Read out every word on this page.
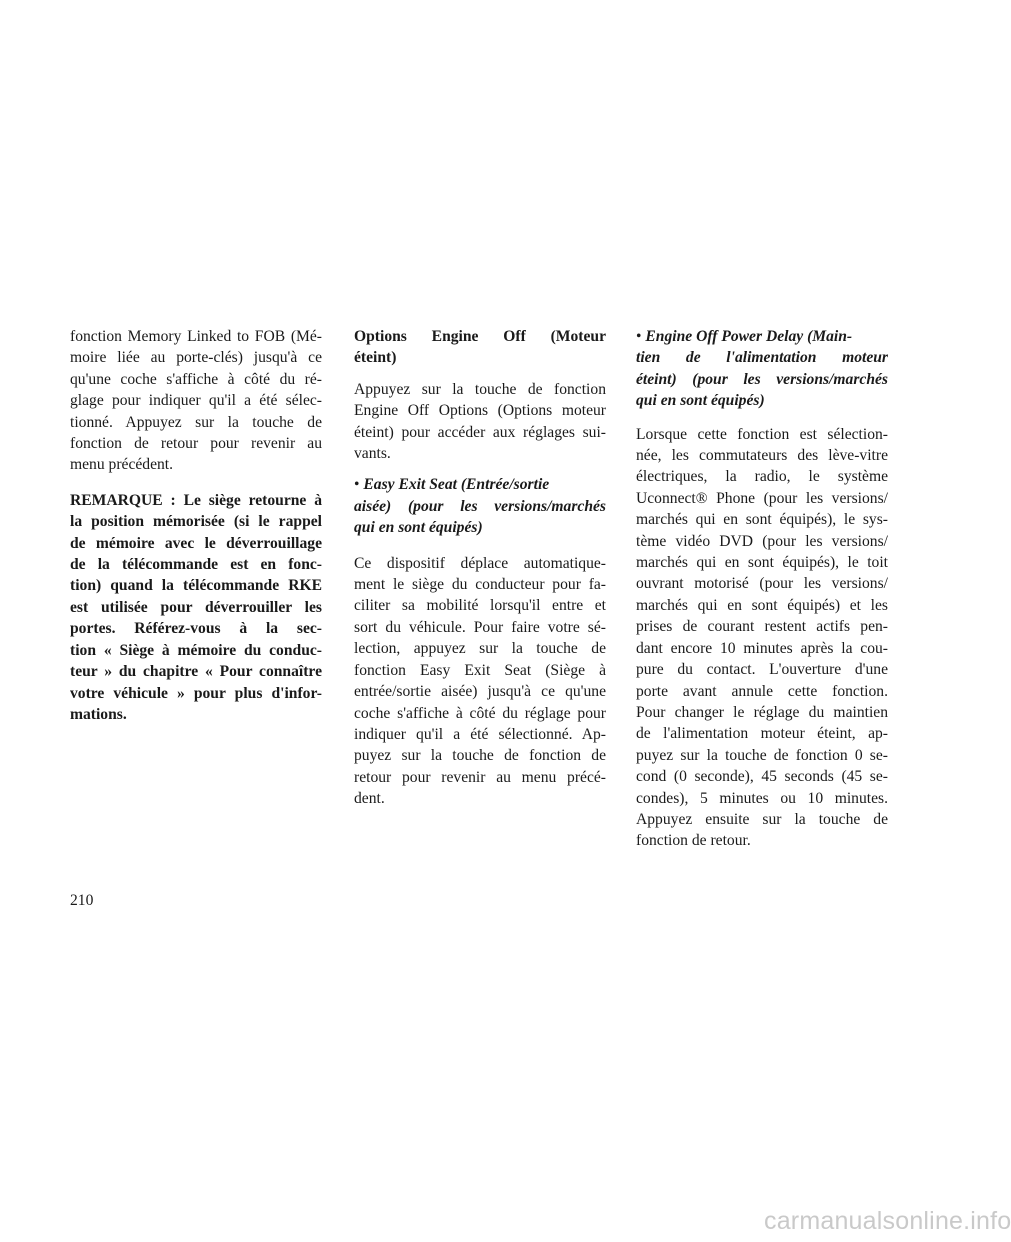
fonction Memory Linked to FOB (Mé-
moire liée au porte-clés) jusqu'à ce
qu'une coche s'affiche à côté du ré-
glage pour indiquer qu'il a été sélec-
tionné. Appuyez sur la touche de
fonction de retour pour revenir au
menu précédent.
REMARQUE : Le siège retourne à
la position mémorisée (si le rappel
de mémoire avec le déverrouillage
de la télécommande est en fonc-
tion) quand la télécommande RKE
est utilisée pour déverrouiller les
portes. Référez-vous à la sec-
tion « Siège à mémoire du conduc-
teur » du chapitre « Pour connaître
votre véhicule » pour plus d'infor-
mations.
Options Engine Off (Moteur
éteint)
Appuyez sur la touche de fonction
Engine Off Options (Options moteur
éteint) pour accéder aux réglages sui-
vants.
• Easy Exit Seat (Entrée/sortie
aisée) (pour les versions/marchés
qui en sont équipés)
Ce dispositif déplace automatique-
ment le siège du conducteur pour fa-
ciliter sa mobilité lorsqu'il entre et
sort du véhicule. Pour faire votre sé-
lection, appuyez sur la touche de
fonction Easy Exit Seat (Siège à
entrée/sortie aisée) jusqu'à ce qu'une
coche s'affiche à côté du réglage pour
indiquer qu'il a été sélectionné. Ap-
puyez sur la touche de fonction de
retour pour revenir au menu précé-
dent.
• Engine Off Power Delay (Main-
tien de l'alimentation moteur
éteint) (pour les versions/marchés
qui en sont équipés)
Lorsque cette fonction est sélection-
née, les commutateurs des lève-vitre
électriques, la radio, le système
Uconnect® Phone (pour les versions/
marchés qui en sont équipés), le sys-
tème vidéo DVD (pour les versions/
marchés qui en sont équipés), le toit
ouvrant motorisé (pour les versions/
marchés qui en sont équipés) et les
prises de courant restent actifs pen-
dant encore 10 minutes après la cou-
pure du contact. L'ouverture d'une
porte avant annule cette fonction.
Pour changer le réglage du maintien
de l'alimentation moteur éteint, ap-
puyez sur la touche de fonction 0 se-
cond (0 seconde), 45 seconds (45 se-
condes), 5 minutes ou 10 minutes.
Appuyez ensuite sur la touche de
fonction de retour.
210
carmanualsonline.info
